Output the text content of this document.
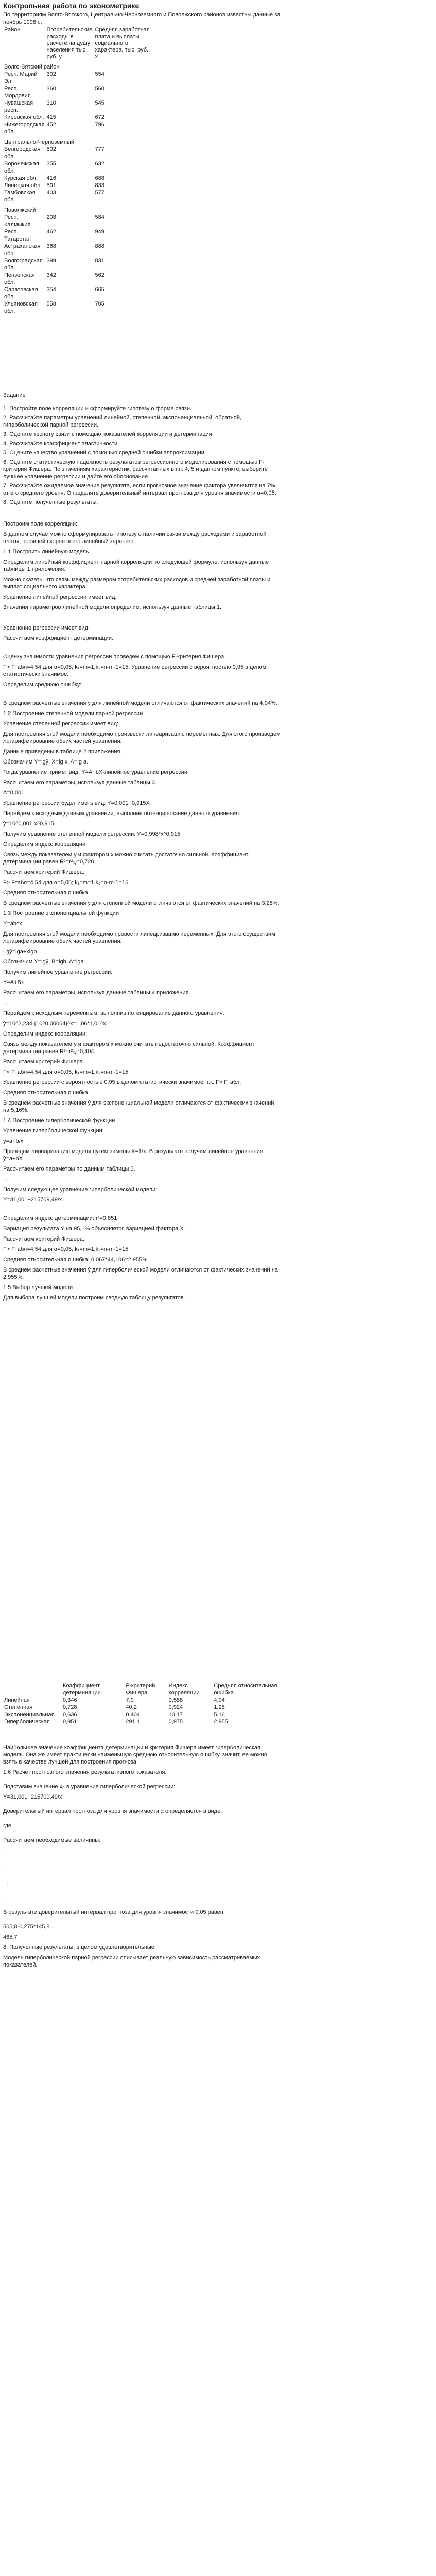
Контрольная работа по эконометрике
По территориям Волго-Вятского, Центрально-Черноземного и Поволжского районов известны данные за ноябрь 1998 г.:
Район	Потребительские расходы в расчете на душу населения тыс. руб. у	Средняя заработная плата и выплаты социального характера, тыс. руб., х
Волго-Вятский район		
Респ. Марий Эл	302	554
Респ. Мордовия	360	560
Чувашская респ.	310	545
Кировская обл.	415	672
Нижегородская обл.	452	796
Центрально-Черноземный		
Белгородская обл.	502	777
Воронежская обл.	355	632
Курская обл.	416	688
Липецкая обл.	501	833
Тамбовская обл.	403	577
Поволжский		
Респ. Калмыкия	208	584
Респ. Татарстан	462	949
Астраханская обл.	368	888
Волгоградская обл.	399	831
Пензенская обл.	342	562
Саратовская обл.	354	665
Ульяновская обл.	558	705
Задание
1. Постройте поле корреляции и сформируйте гипотезу о форме связи.
2. Рассчитайте параметры уравнений линейной, степенной, экспоненциальной, обратной, гиперболической парной регрессии.
3. Оцените тесноту связи с помощью показателей корреляции и детерминации.
4. Рассчитайте коэффициент эластичности.
5. Оцените качество уравнений с помощью средней ошибки аппроксимации.
6. Оцените статистическую надежность результатов регрессионного моделирования с помощью F-критерия Фишера. По значениям характеристик, рассчитанных в пп. 4, 5 и данном пункте, выберите лучшее уравнение регрессии и дайте его обоснование.
7. Рассчитайте ожидаемое значение результата, если прогнозное значение фактора увеличится на 7% от его среднего уровня. Определите доверительный интервал прогноза для уровня значимости α=0,05.
8. Оцените полученные результаты.
Построим поле корреляции:
В данном случае можно сформулировать гипотезу о наличии связи между расходами и заработной платы, носящей скорее всего линейный характер.
1.1 Построить линейную модель.
Определим линейный коэффициент парной корреляции по следующей формуле, используя данные таблицы 1 приложения.
Можно сказать, что связь между размером потребительских расходов и средней заработной платы и выплат социального характера.
Уравнение линейной регрессии имеет вид:
Значения параметров линейной модели определим, используя данные таблицы 1.
. .
Уравнение регрессии имеет вид:
Рассчитаем коэффициент детерминации:
Оценку значимости уравнения регрессии проведем с помощью F-критерия Фишера.
F> Fтабл=4,54 для α=0,05; k₁=m=1,k₂=n-m-1=15. Уравнение регрессии с вероятностью 0,95 в целом статистически значимое.
Определим среднюю ошибку:
В среднем расчетные значения ŷ для линейной модели отличаются от фактических значений на 4,04%.
1.2 Построение степенной модели парной регрессии
Уравнение степенной регрессии имеет вид:
Для построения этой модели необходимо произвести линеаризацию переменных. Для этого произведем логарифмирование обеих частей уравнения:
Данные приведены в таблице 2 приложения.
Обозначим Y=lgŷ, X=lg x, A=lg a.
Тогда уравнение примет вид: Y=A+bX-линейное уравнение регрессии.
Рассчитаем его параметры, используя данные таблицы 3.
A=0,001
Уравнение регрессии будет иметь вид: Y=0,001+0,915X
Перейдем к исходным данным уравнения, выполнив потенцирование данного уравнения:
ŷ=10^0,001·x^0,915
Получим уравнение степенной модели регрессии: Y=0,998*x^0,915
Определим индекс корреляции:
Связь между показателем у и фактором х можно считать достаточно сильной. Коэффициент детерминации равен R²=r²ₓᵧ=0,728
Рассчитаем критерий Фишера:
F> Fтабл=4,54 для α=0,05; k₁=m=1,k₂=n-m-1=15
Средняя относительная ошибка
В среднем расчетные значения ŷ для степенной модели отличаются от фактических значений на 3,28%.
1.3 Построение экспоненциальной функции
Y=ab^x
Для построения этой модели необходимо провести линеаризацию переменных. Для этого осуществим логарифмирование обеих частей уравнения:
Lgŷ=lga+xlgb
Обозначим Y=lgŷ, B=lgb, A=lga
Получим линейное уравнение регрессии:
Y=A+Bx
Рассчитаем его параметры, используя данные таблицы 4 приложения.
. .
Перейдем к исходным переменным, выполнив потенцирование данного уравнения:
ŷ=10^2,234·(10^0,00064)^x=1,06*1,01^x
Определим индекс корреляции:
Связь между показателем у и фактором х можно считать недостаточно сильной. Коэффициент детерминации равен R²=r²ₓᵧ=0,404
Рассчитаем критерий Фишера.
F< Fтабл=4,54 для α=0,05; k₁=m=1,k₂=n-m-1=15
Уравнение регрессии с вероятностью 0,95 в целом статистически значимое, т.к. F> Fтабл.
Средняя относительная ошибка
В среднем расчетные значения ŷ для экспоненциальной модели отличаются от фактических значений на 5,16%.
1.4 Построение гиперболической функции
Уравнение гиперболической функции:
ŷ=a+b/x
Проведем линеаризацию модели путем замены X=1/x. В результате получим линейное уравнение ŷ=a+bX
Рассчитаем его параметры по данным таблицы 5.
. .
Получим следующее уравнение гиперболической модели:
Y=31,001+215709,49/x
Определим индекс детерминации: r²=0,851
Вариация результата Y на 95,1% объясняется вариацией фактора X.
Рассчитаем критерий Фишера:
F> Fтабл=4,54 для α=0,05; k₁=m=1,k₂=n-m-1=15
Средняя относительная ошибка: 0,067*44,106=2,955%
В среднем расчетные значения ŷ для гиперболической модели отличаются от фактических значений на 2,955%.
1.5 Выбор лучшей модели
Для выбора лучшей модели построим сводную таблицу результатов.
	Коэффициент детерминации	F-критерий Фишера	Индекс корреляции	Средняя относительная ошибка
Линейная	0,346	7,9	0,588	4,04
Степенная	0,728	40,2	0,924	1,28
Экспоненциальная	0,636	0,404	10,17	5,16
Гиперболическая	0,951	291,1	0,975	2,955
Наибольшее значение коэффициента детерминации и критерия Фишера имеет гиперболическая модель. Она же имеет практически наименьшую среднюю относительную ошибку, значит, ее можно взять в качестве лучшей для построения прогноза.
1.6 Расчет прогнозного значения результативного показателя.
Подставим значение xₚ в уравнение гиперболической регрессии:
Y=31,001+215709,49/x
Доверительный интервал прогноза для уровня значимости α определяется в виде:
где
Рассчитаем необходимые величины:
;
;
. ;
.
В результате доверительный интервал прогноза для уровня значимости 0,05 равен:
505,8-0,275*145,8 .
465,7
8. Полученные результаты, в целом удовлетворительные.
Модель гиперболической парной регрессии описывает реальную зависимость рассматриваемых показателей.
